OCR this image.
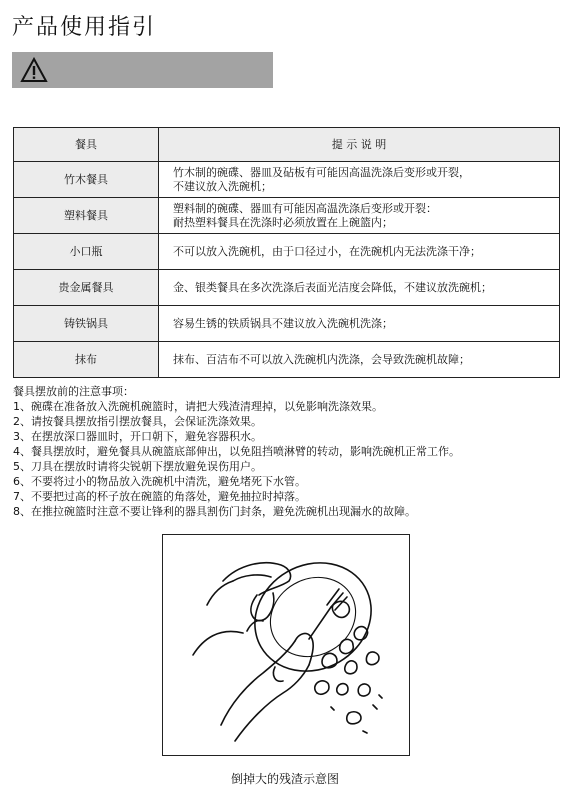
产品使用指引
餐具	提 示 说 明
竹木餐具	竹木制的碗碟、器皿及砧板有可能因高温洗涤后变形或开裂，
不建议放入洗碗机；

塑料餐具	塑料制的碗碟、器皿有可能因高温洗涤后变形或开裂：
耐热塑料餐具在洗涤时必须放置在上碗篮内；

小口瓶	不可以放入洗碗机，由于口径过小，在洗碗机内无法洗涤干净；

贵金属餐具	金、银类餐具在多次洗涤后表面光洁度会降低，不建议放洗碗机；

铸铁锅具	容易生锈的铁质锅具不建议放入洗碗机洗涤；

抹布	抹布、百洁布不可以放入洗碗机内洗涤，会导致洗碗机故障；
餐具摆放前的注意事项：
1、碗碟在准备放入洗碗机碗篮时，请把大残渣清理掉，以免影响洗涤效果。
2、请按餐具摆放指引摆放餐具，会保证洗涤效果。
3、在摆放深口器皿时，开口朝下，避免容器积水。
4、餐具摆放时，避免餐具从碗篮底部伸出，以免阻挡喷淋臂的转动，影响洗碗机正常工作。
5、刀具在摆放时请将尖锐朝下摆放避免误伤用户。
6、不要将过小的物品放入洗碗机中清洗，避免堵死下水管。
7、不要把过高的杯子放在碗篮的角落处，避免抽拉时掉落。
8、在推拉碗篮时注意不要让锋利的器具割伤门封条，避免洗碗机出现漏水的故障。
倒掉大的残渣示意图
